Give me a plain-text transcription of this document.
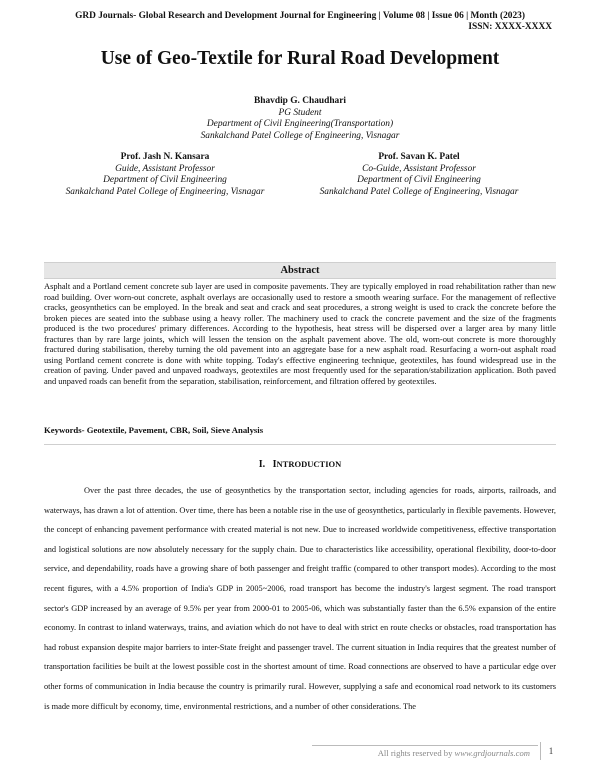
GRD Journals- Global Research and Development Journal for Engineering | Volume 08 | Issue 06 | Month (2023)
ISSN: XXXX-XXXX
Use of Geo-Textile for Rural Road Development
Bhavdip G. Chaudhari
PG Student
Department of Civil Engineering(Transportation)
Sankalchand Patel College of Engineering, Visnagar
Prof. Jash N. Kansara
Guide, Assistant Professor
Department of Civil Engineering
Sankalchand Patel College of Engineering, Visnagar
Prof. Savan K. Patel
Co-Guide, Assistant Professor
Department of Civil Engineering
Sankalchand Patel College of Engineering, Visnagar
Abstract
Asphalt and a Portland cement concrete sub layer are used in composite pavements. They are typically employed in road rehabilitation rather than new road building. Over worn-out concrete, asphalt overlays are occasionally used to restore a smooth wearing surface. For the management of reflective cracks, geosynthetics can be employed. In the break and seat and crack and seat procedures, a strong weight is used to crack the concrete before the broken pieces are seated into the subbase using a heavy roller. The machinery used to crack the concrete pavement and the size of the fragments produced is the two procedures' primary differences. According to the hypothesis, heat stress will be dispersed over a larger area by many little fractures than by rare large joints, which will lessen the tension on the asphalt pavement above. The old, worn-out concrete is more thoroughly fractured during stabilisation, thereby turning the old pavement into an aggregate base for a new asphalt road. Resurfacing a worn-out asphalt road using Portland cement concrete is done with white topping. Today's effective engineering technique, geotextiles, has found widespread use in the creation of paving. Under paved and unpaved roadways, geotextiles are most frequently used for the separation/stabilization application. Both paved and unpaved roads can benefit from the separation, stabilisation, reinforcement, and filtration offered by geotextiles.
Keywords- Geotextile, Pavement, CBR, Soil, Sieve Analysis
I. INTRODUCTION

Over the past three decades, the use of geosynthetics by the transportation sector, including agencies for roads, airports, railroads, and waterways, has drawn a lot of attention. Over time, there has been a notable rise in the use of geosynthetics, particularly in flexible pavements. However, the concept of enhancing pavement performance with created material is not new. Due to increased worldwide competitiveness, effective transportation and logistical solutions are now absolutely necessary for the supply chain. Due to characteristics like accessibility, operational flexibility, door-to-door service, and dependability, roads have a growing share of both passenger and freight traffic (compared to other transport modes). According to the most recent figures, with a 4.5% proportion of India's GDP in 2005~2006, road transport has become the industry's largest segment. The road transport sector's GDP increased by an average of 9.5% per year from 2000-01 to 2005-06, which was substantially faster than the 6.5% expansion of the entire economy. In contrast to inland waterways, trains, and aviation which do not have to deal with strict en route checks or obstacles, road transportation has had robust expansion despite major barriers to inter-State freight and passenger travel. The current situation in India requires that the greatest number of transportation facilities be built at the lowest possible cost in the shortest amount of time. Road connections are observed to have a particular edge over other forms of communication in India because the country is primarily rural. However, supplying a safe and economical road network to its customers is made more difficult by economy, time, environmental restrictions, and a number of other considerations. The

All rights reserved by www.grdjournals.com	1
